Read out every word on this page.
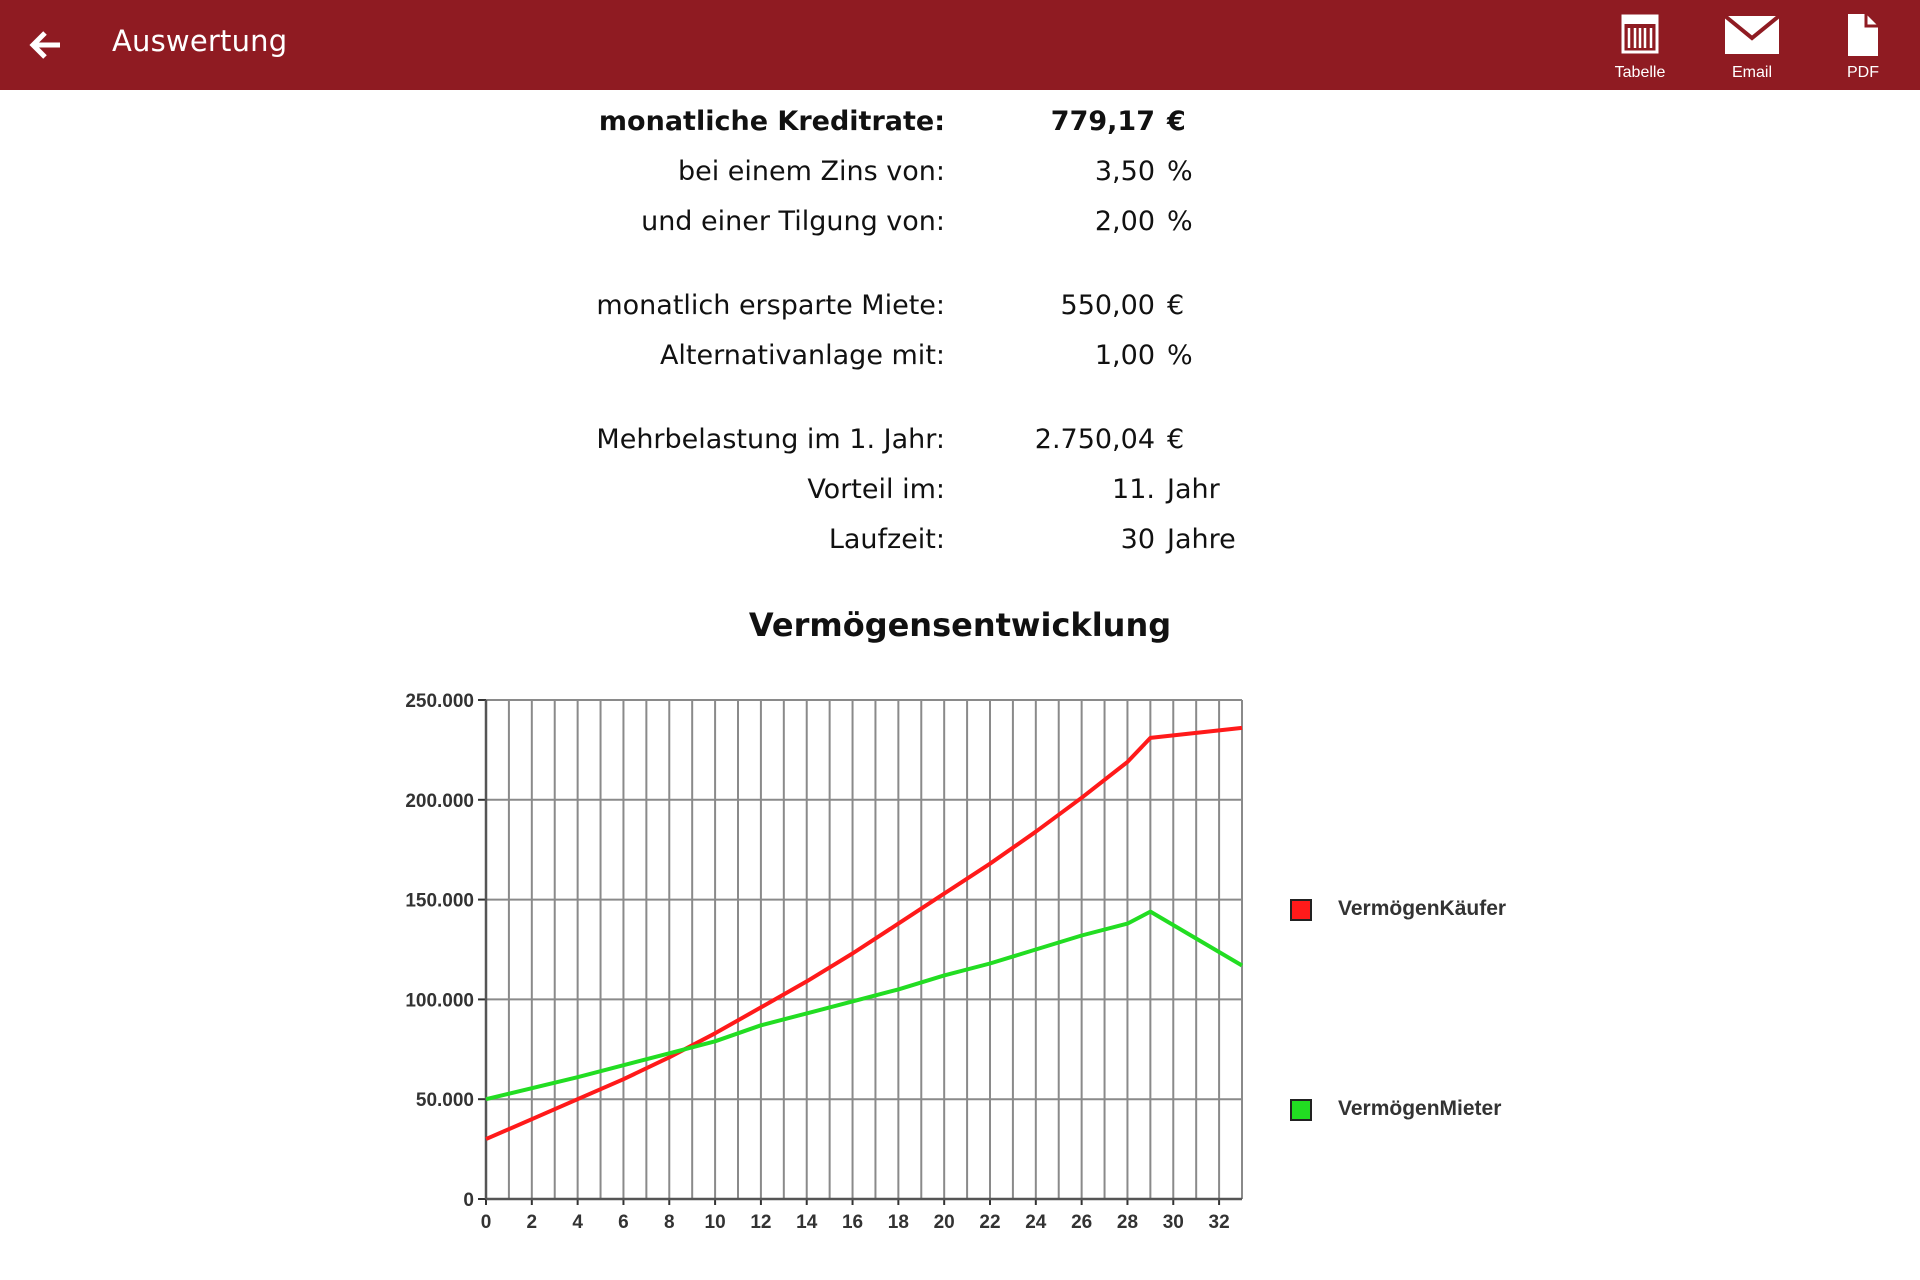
Auswertung
Tabelle	Email	PDF
monatliche Kreditrate:	779,17 €
bei einem Zins von:	3,50 %
und einer Tilgung von:	2,00 %
monatlich ersparte Miete:	550,00 €
Alternativanlage mit:	1,00 %
Mehrbelastung im 1. Jahr:	2.750,04 €
Vorteil im:	11. Jahr
Laufzeit:	30 Jahre
Vermögensentwicklung
0
50.000
100.000
150.000
200.000
250.000
0 2 4 6 8 10 12 14 16 18 20 22 24 26 28 30 32
VermögenKäufer
VermögenMieter
